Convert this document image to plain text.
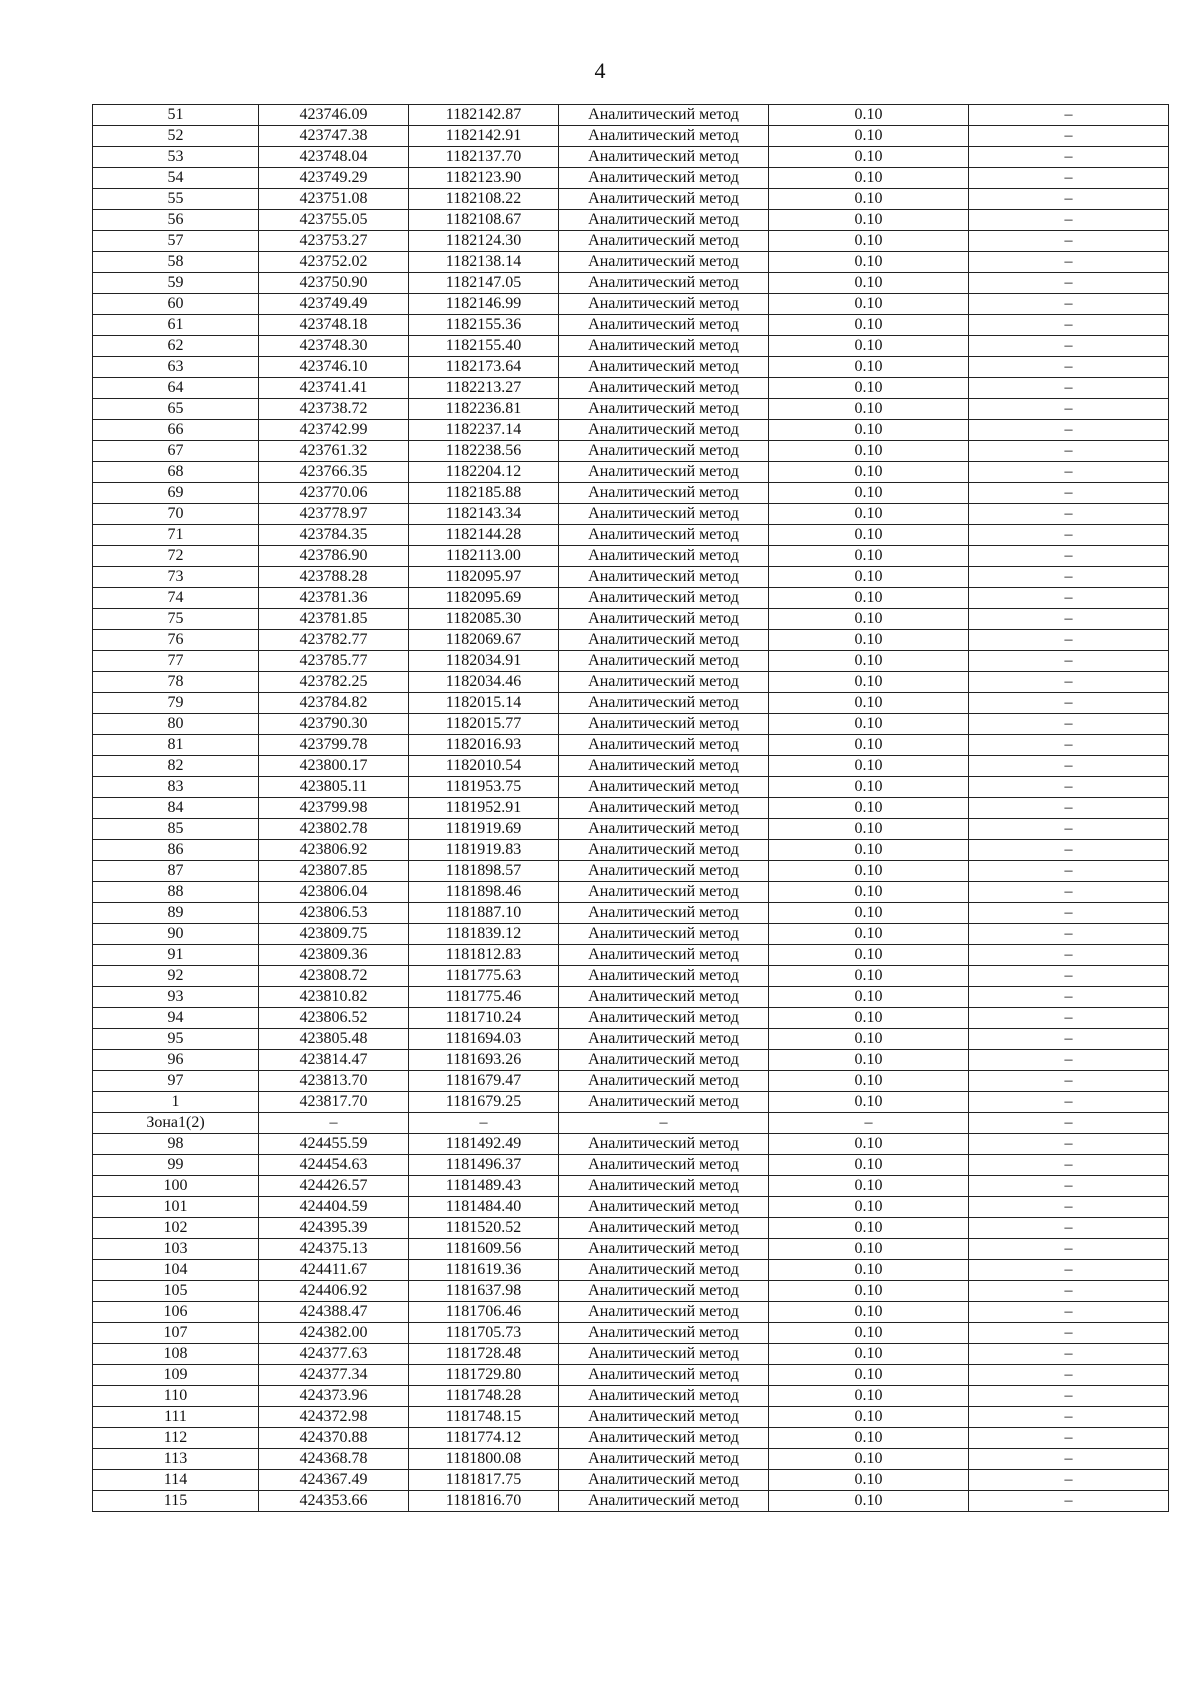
4
51	423746.09	1182142.87	Аналитический метод	0.10	–
52	423747.38	1182142.91	Аналитический метод	0.10	–
53	423748.04	1182137.70	Аналитический метод	0.10	–
54	423749.29	1182123.90	Аналитический метод	0.10	–
55	423751.08	1182108.22	Аналитический метод	0.10	–
56	423755.05	1182108.67	Аналитический метод	0.10	–
57	423753.27	1182124.30	Аналитический метод	0.10	–
58	423752.02	1182138.14	Аналитический метод	0.10	–
59	423750.90	1182147.05	Аналитический метод	0.10	–
60	423749.49	1182146.99	Аналитический метод	0.10	–
61	423748.18	1182155.36	Аналитический метод	0.10	–
62	423748.30	1182155.40	Аналитический метод	0.10	–
63	423746.10	1182173.64	Аналитический метод	0.10	–
64	423741.41	1182213.27	Аналитический метод	0.10	–
65	423738.72	1182236.81	Аналитический метод	0.10	–
66	423742.99	1182237.14	Аналитический метод	0.10	–
67	423761.32	1182238.56	Аналитический метод	0.10	–
68	423766.35	1182204.12	Аналитический метод	0.10	–
69	423770.06	1182185.88	Аналитический метод	0.10	–
70	423778.97	1182143.34	Аналитический метод	0.10	–
71	423784.35	1182144.28	Аналитический метод	0.10	–
72	423786.90	1182113.00	Аналитический метод	0.10	–
73	423788.28	1182095.97	Аналитический метод	0.10	–
74	423781.36	1182095.69	Аналитический метод	0.10	–
75	423781.85	1182085.30	Аналитический метод	0.10	–
76	423782.77	1182069.67	Аналитический метод	0.10	–
77	423785.77	1182034.91	Аналитический метод	0.10	–
78	423782.25	1182034.46	Аналитический метод	0.10	–
79	423784.82	1182015.14	Аналитический метод	0.10	–
80	423790.30	1182015.77	Аналитический метод	0.10	–
81	423799.78	1182016.93	Аналитический метод	0.10	–
82	423800.17	1182010.54	Аналитический метод	0.10	–
83	423805.11	1181953.75	Аналитический метод	0.10	–
84	423799.98	1181952.91	Аналитический метод	0.10	–
85	423802.78	1181919.69	Аналитический метод	0.10	–
86	423806.92	1181919.83	Аналитический метод	0.10	–
87	423807.85	1181898.57	Аналитический метод	0.10	–
88	423806.04	1181898.46	Аналитический метод	0.10	–
89	423806.53	1181887.10	Аналитический метод	0.10	–
90	423809.75	1181839.12	Аналитический метод	0.10	–
91	423809.36	1181812.83	Аналитический метод	0.10	–
92	423808.72	1181775.63	Аналитический метод	0.10	–
93	423810.82	1181775.46	Аналитический метод	0.10	–
94	423806.52	1181710.24	Аналитический метод	0.10	–
95	423805.48	1181694.03	Аналитический метод	0.10	–
96	423814.47	1181693.26	Аналитический метод	0.10	–
97	423813.70	1181679.47	Аналитический метод	0.10	–
1	423817.70	1181679.25	Аналитический метод	0.10	–
Зона1(2)	–	–	–	–	–
98	424455.59	1181492.49	Аналитический метод	0.10	–
99	424454.63	1181496.37	Аналитический метод	0.10	–
100	424426.57	1181489.43	Аналитический метод	0.10	–
101	424404.59	1181484.40	Аналитический метод	0.10	–
102	424395.39	1181520.52	Аналитический метод	0.10	–
103	424375.13	1181609.56	Аналитический метод	0.10	–
104	424411.67	1181619.36	Аналитический метод	0.10	–
105	424406.92	1181637.98	Аналитический метод	0.10	–
106	424388.47	1181706.46	Аналитический метод	0.10	–
107	424382.00	1181705.73	Аналитический метод	0.10	–
108	424377.63	1181728.48	Аналитический метод	0.10	–
109	424377.34	1181729.80	Аналитический метод	0.10	–
110	424373.96	1181748.28	Аналитический метод	0.10	–
111	424372.98	1181748.15	Аналитический метод	0.10	–
112	424370.88	1181774.12	Аналитический метод	0.10	–
113	424368.78	1181800.08	Аналитический метод	0.10	–
114	424367.49	1181817.75	Аналитический метод	0.10	–
115	424353.66	1181816.70	Аналитический метод	0.10	–
